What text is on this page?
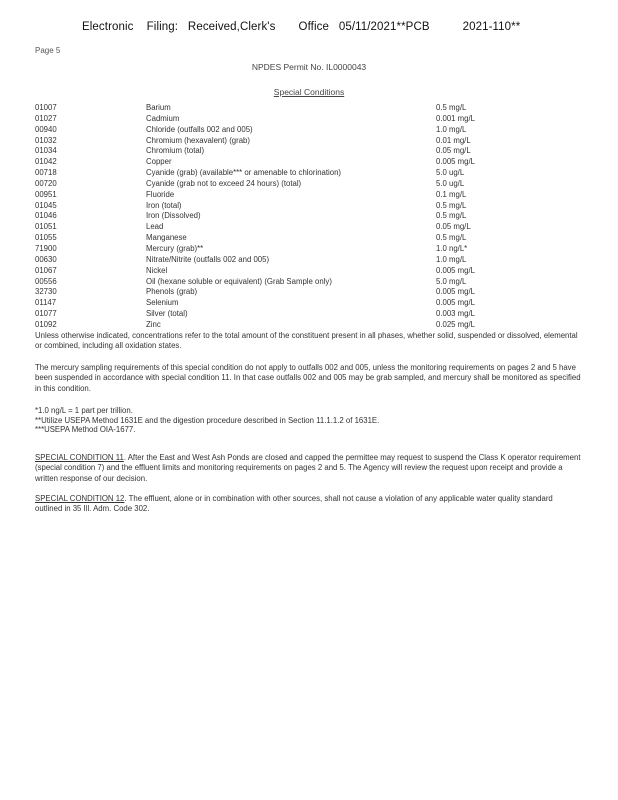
Electronic    Filing:   Received,Clerk's       Office   05/11/2021**PCB          2021-110**
Page 5
NPDES Permit No. IL0000043
Special Conditions
01007	Barium	0.5 mg/L
01027	Cadmium	0.001 mg/L
00940	Chloride (outfalls 002 and 005)	1.0 mg/L
01032	Chromium (hexavalent) (grab)	0.01 mg/L
01034	Chromium (total)	0.05 mg/L
01042	Copper	0.005 mg/L
00718	Cyanide (grab) (available*** or amenable to chlorination)	5.0 ug/L
00720	Cyanide (grab not to exceed 24 hours) (total)	5.0 ug/L
00951	Fluoride	0.1 mg/L
01045	Iron (total)	0.5 mg/L
01046	Iron (Dissolved)	0.5 mg/L
01051	Lead	0.05 mg/L
01055	Manganese	0.5 mg/L
71900	Mercury (grab)**	1.0 ng/L*
00630	Nitrate/Nitrite (outfalls 002 and 005)	1.0 mg/L
01067	Nickel	0.005 mg/L
00556	Oil (hexane soluble or equivalent) (Grab Sample only)	5.0 mg/L
32730	Phenols (grab)	0.005 mg/L
01147	Selenium	0.005 mg/L
01077	Silver (total)	0.003 mg/L
01092	Zinc	0.025 mg/L

Unless otherwise indicated, concentrations refer to the total amount of the constituent present in all phases, whether solid, suspended or dissolved, elemental or combined, including all oxidation states.

The mercury sampling requirements of this special condition do not apply to outfalls 002 and 005, unless the monitoring requirements on pages 2 and 5 have been suspended in accordance with special condition 11. In that case outfalls 002 and 005 may be grab sampled, and mercury shall be monitored as specified in this condition.

*1.0 ng/L = 1 part per trillion.
**Utilize USEPA Method 1631E and the digestion procedure described in Section 11.1.1.2 of 1631E.
***USEPA Method OIA-1677.

SPECIAL CONDITION 11. After the East and West Ash Ponds are closed and capped the permittee may request to suspend the Class K operator requirement (special condition 7) and the effluent limits and monitoring requirements on pages 2 and 5. The Agency will review the request upon receipt and provide a written response of our decision.

SPECIAL CONDITION 12. The effluent, alone or in combination with other sources, shall not cause a violation of any applicable water quality standard outlined in 35 Ill. Adm. Code 302.
